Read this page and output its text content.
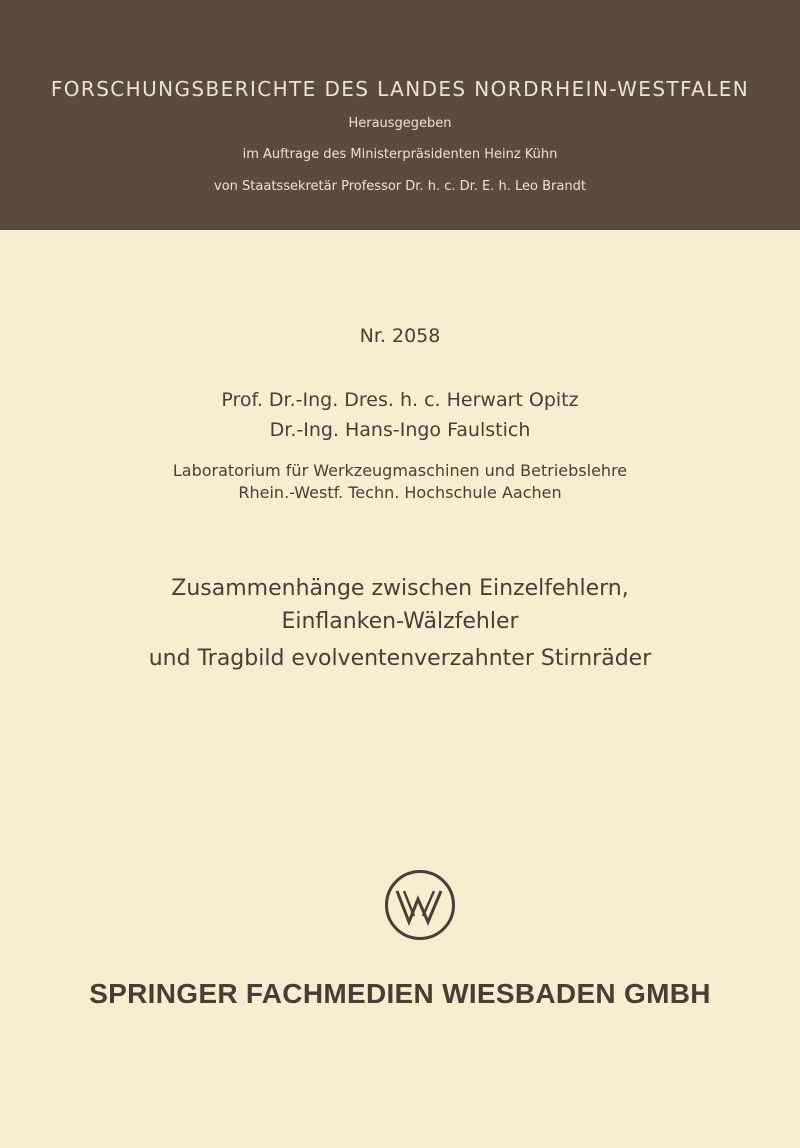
FORSCHUNGSBERICHTE DES LANDES NORDRHEIN-WESTFALEN
Herausgegeben
im Auftrage des Ministerpräsidenten Heinz Kühn
von Staatssekretär Professor Dr. h. c. Dr. E. h. Leo Brandt
Nr. 2058
Prof. Dr.-Ing. Dres. h. c. Herwart Opitz
Dr.-Ing. Hans-Ingo Faulstich
Laboratorium für Werkzeugmaschinen und Betriebslehre
Rhein.-Westf. Techn. Hochschule Aachen
Zusammenhänge zwischen Einzelfehlern,
Einflanken-Wälzfehler
und Tragbild evolventenverzahnter Stirnräder
SPRINGER FACHMEDIEN WIESBADEN GMBH
